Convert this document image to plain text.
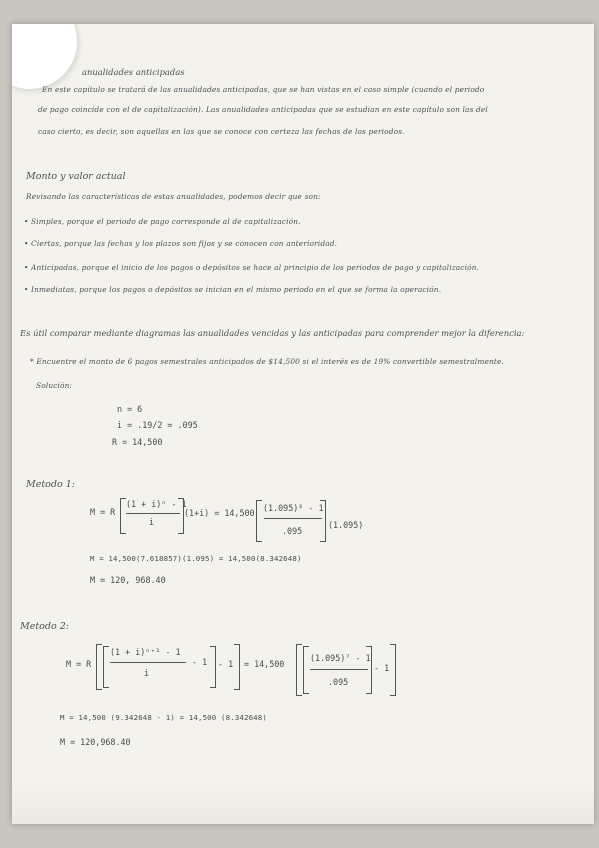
anualidades anticipadas
En este capítulo se tratará de las anualidades anticipadas, que se han vistas en el caso simple (cuando el periodo
de pago coincide con el de capitalización). Las anualidades anticipadas que se estudian en este capítulo son las del
caso cierto, es decir, son aquellas en las que se conoce con certeza las fechas de los periodos.
Monto y valor actual
Revisando las características de estas anualidades, podemos decir que son:
• Simples, porque el periodo de pago corresponde al de capitalización.
• Ciertas, porque las fechas y los plazos son fijos y se conocen con anterioridad.
• Anticipadas, porque el inicio de los pagos o depósitos se hace al principio de los periodos de pago y capitalización.
• Inmediatas, porque los pagos o depósitos se inician en el mismo periodo en el que se forma la operación.
Es útil comparar mediante diagramas las anualidades vencidas y las anticipadas para comprender mejor la diferencia:
* Encuentre el monto de 6 pagos semestrales anticipados de $14,500 si el interés es de 19% convertible semestralmente.
Solución:
n = 6
i = .19/2 = .095
R = 14,500
Metodo 1:
M = R
(1 + i)ⁿ - 1
i
(1+i) = 14,500 (1.095)⁶ - 1
.095
(1.095)
M = 14,500(7.618857)(1.095) = 14,500(8.342648)
M = 120, 968.40
Metodo 2:
M = R
(1 + i)ⁿ⁺¹ - 1
i
- 1 - 1 = 14,500
(1.095)⁷ - 1
.095
- 1
M = 14,500 (9.342648 - 1) = 14,500 (8.342648)
M = 120,968.40
